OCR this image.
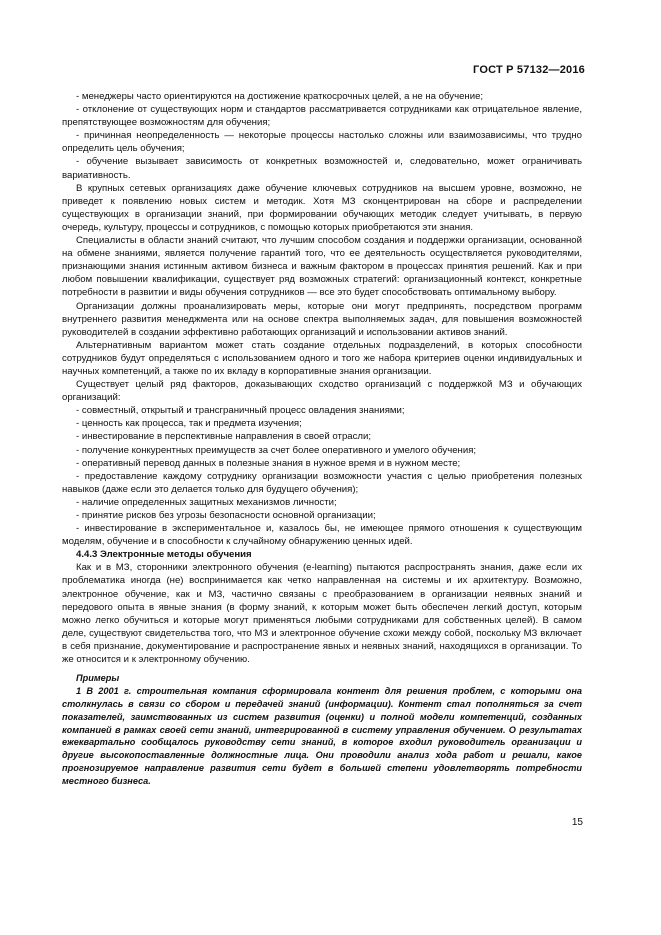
ГОСТ Р 57132—2016

- менеджеры часто ориентируются на достижение краткосрочных целей, а не на обучение;

- отклонение от существующих норм и стандартов рассматривается сотрудниками как отрицательное явление, препятствующее возможностям для обучения;

- причинная неопределенность — некоторые процессы настолько сложны или взаимозависимы, что трудно определить цель обучения;

- обучение вызывает зависимость от конкретных возможностей и, следовательно, может ограничивать вариативность.

В крупных сетевых организациях даже обучение ключевых сотрудников на высшем уровне, возможно, не приведет к появлению новых систем и методик. Хотя МЗ сконцентрирован на сборе и распределении существующих в организации знаний, при формировании обучающих методик следует учитывать, в первую очередь, культуру, процессы и сотрудников, с помощью которых приобретаются эти знания.

Специалисты в области знаний считают, что лучшим способом создания и поддержки организации, основанной на обмене знаниями, является получение гарантий того, что ее деятельность осуществляется руководителями, признающими знания истинным активом бизнеса и важным фактором в процессах принятия решений. Как и при любом повышении квалификации, существует ряд возможных стратегий: организационный контекст, конкретные потребности в развитии и виды обучения сотрудников — все это будет способствовать оптимальному выбору.

Организации должны проанализировать меры, которые они могут предпринять, посредством программ внутреннего развития менеджмента или на основе спектра выполняемых задач, для повышения возможностей руководителей в создании эффективно работающих организаций и использовании активов знаний.

Альтернативным вариантом может стать создание отдельных подразделений, в которых способности сотрудников будут определяться с использованием одного и того же набора критериев оценки индивидуальных и научных компетенций, а также по их вкладу в корпоративные знания организации.

Существует целый ряд факторов, доказывающих сходство организаций с поддержкой МЗ и обучающих организаций:

- совместный, открытый и трансграничный процесс овладения знаниями;

- ценность как процесса, так и предмета изучения;

- инвестирование в перспективные направления в своей отрасли;

- получение конкурентных преимуществ за счет более оперативного и умелого обучения;

- оперативный перевод данных в полезные знания в нужное время и в нужном месте;

- предоставление каждому сотруднику организации возможности участия с целью приобретения полезных навыков (даже если это делается только для будущего обучения);

- наличие определенных защитных механизмов личности;

- принятие рисков без угрозы безопасности основной организации;

- инвестирование в экспериментальное и, казалось бы, не имеющее прямого отношения к существующим моделям, обучение и в способности к случайному обнаружению ценных идей.

4.4.3 Электронные методы обучения

Как и в МЗ, сторонники электронного обучения (e-learning) пытаются распространять знания, даже если их проблематика иногда (не) воспринимается как четко направленная на системы и их архитектуру. Возможно, электронное обучение, как и МЗ, частично связаны с преобразованием в организации неявных знаний и передового опыта в явные знания (в форму знаний, к которым может быть обеспечен легкий доступ, которым можно легко обучиться и которые могут применяться любыми сотрудниками для собственных целей). В самом деле, существуют свидетельства того, что МЗ и электронное обучение схожи между собой, поскольку МЗ включает в себя признание, документирование и распространение явных и неявных знаний, находящихся в организации. То же относится и к электронному обучению.

Примеры

1 В 2001 г. строительная компания сформировала контент для решения проблем, с которыми она столкнулась в связи со сбором и передачей знаний (информации). Контент стал пополняться за счет показателей, заимствованных из систем развития (оценки) и полной модели компетенций, созданных компанией в рамках своей сети знаний, интегрированной в систему управления обучением. О результатах ежеквартально сообщалось руководству сети знаний, в которое входил руководитель организации и другие высокопоставленные должностные лица. Они проводили анализ хода работ и решали, какое прогнозируемое направление развития сети будет в большей степени удовлетворять потребности местного бизнеса.

15
